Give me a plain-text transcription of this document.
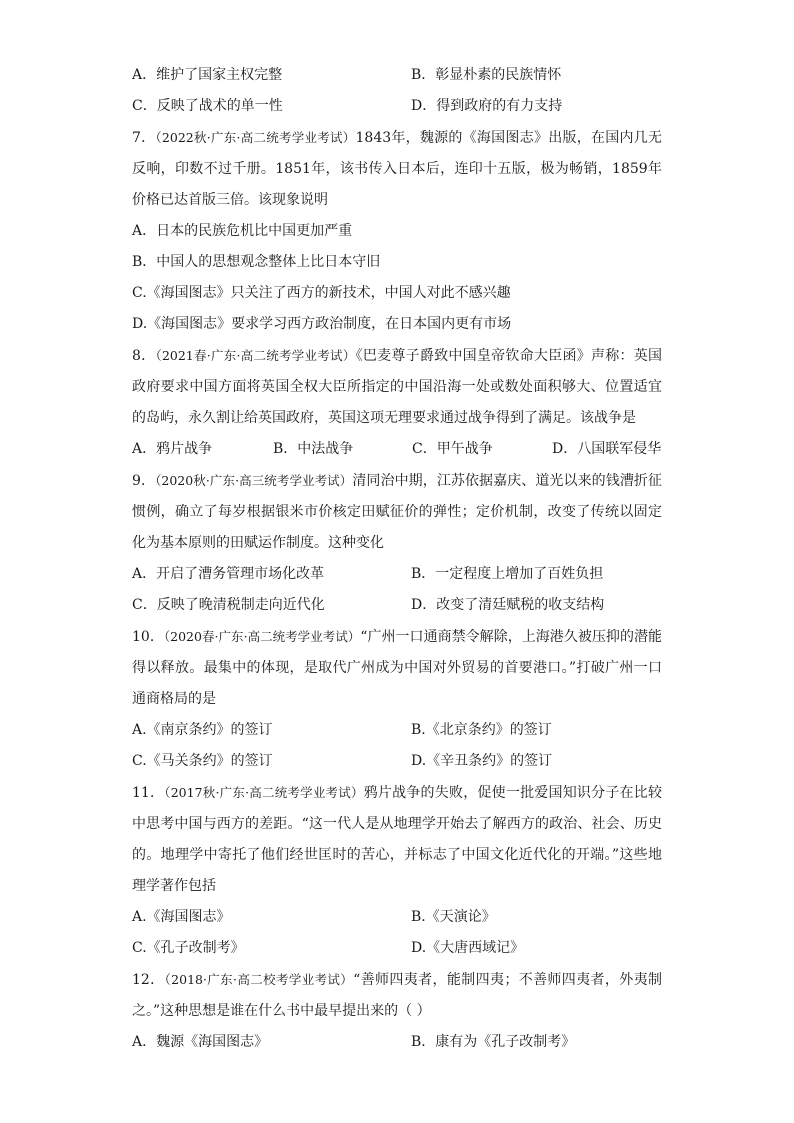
A．维护了国家主权完整	B．彰显朴素的民族情怀
C．反映了战术的单一性	D．得到政府的有力支持
7．（2022秋·广东·高二统考学业考试）1843年，魏源的《海国图志》出版，在国内几无反响，印数不过千册。1851年，该书传入日本后，连印十五版，极为畅销，1859年价格已达首版三倍。该现象说明
A．日本的民族危机比中国更加严重
B．中国人的思想观念整体上比日本守旧
C.《海国图志》只关注了西方的新技术，中国人对此不感兴趣
D.《海国图志》要求学习西方政治制度，在日本国内更有市场
8．（2021春·广东·高二统考学业考试）《巴麦尊子爵致中国皇帝钦命大臣函》声称：英国政府要求中国方面将英国全权大臣所指定的中国沿海一处或数处面积够大、位置适宜的岛屿，永久割让给英国政府，英国这项无理要求通过战争得到了满足。该战争是
A．鸦片战争	B．中法战争	C．甲午战争	D．八国联军侵华
9．（2020秋·广东·高三统考学业考试）清同治中期，江苏依据嘉庆、道光以来的钱漕折征惯例，确立了每岁根据银米市价核定田赋征价的弹性；定价机制，改变了传统以固定化为基本原则的田赋运作制度。这种变化
A．开启了漕务管理市场化改革	B．一定程度上增加了百姓负担
C．反映了晚清税制走向近代化	D．改变了清廷赋税的收支结构
10．（2020春·广东·高二统考学业考试）“广州一口通商禁令解除，上海港久被压抑的潜能得以释放。最集中的体现，是取代广州成为中国对外贸易的首要港口。”打破广州一口通商格局的是
A.《南京条约》的签订	B.《北京条约》的签订
C.《马关条约》的签订	D.《辛丑条约》的签订
11．（2017秋·广东·高二统考学业考试）鸦片战争的失败，促使一批爱国知识分子在比较中思考中国与西方的差距。“这一代人是从地理学开始去了解西方的政治、社会、历史的。地理学中寄托了他们经世匡时的苦心，并标志了中国文化近代化的开端。”这些地理学著作包括
A.《海国图志》	B.《天演论》
C.《孔子改制考》	D.《大唐西域记》
12．（2018·广东·高二校考学业考试）“善师四夷者，能制四夷；不善师四夷者，外夷制之。”这种思想是谁在什么书中最早提出来的（ ）
A．魏源《海国图志》	B．康有为《孔子改制考》
